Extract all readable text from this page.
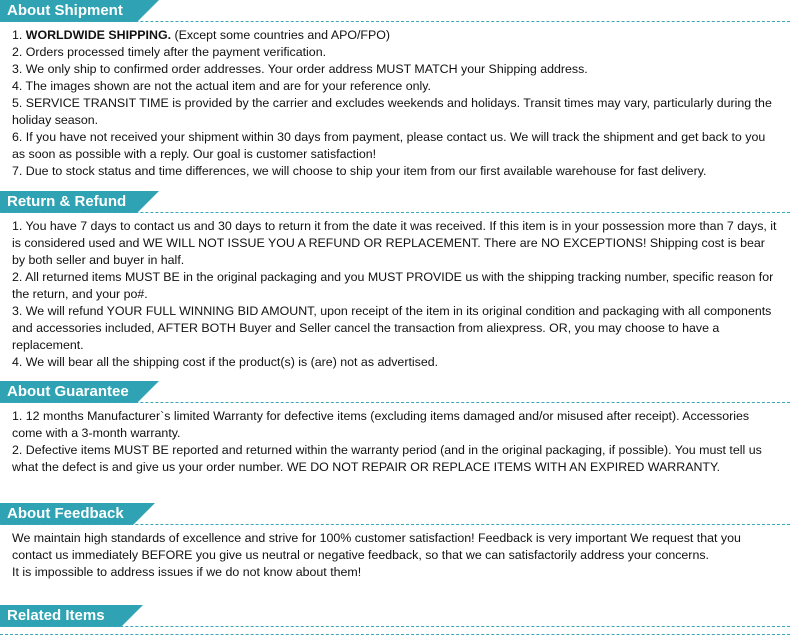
About Shipment

1. WORLDWIDE SHIPPING. (Except some countries and APO/FPO)

2. Orders processed timely after the payment verification.

3. We only ship to confirmed order addresses. Your order address MUST MATCH your Shipping address.

4. The images shown are not the actual item and are for your reference only.

5. SERVICE TRANSIT TIME is provided by the carrier and excludes weekends and holidays. Transit times may vary, particularly during the holiday season.

6. If you have not received your shipment within 30 days from payment, please contact us. We will track the shipment and get back to you as soon as possible with a reply. Our goal is customer satisfaction!

7. Due to stock status and time differences, we will choose to ship your item from our first available warehouse for fast delivery.

Return & Refund

1. You have 7 days to contact us and 30 days to return it from the date it was received. If this item is in your possession more than 7 days, it is considered used and WE WILL NOT ISSUE YOU A REFUND OR REPLACEMENT. There are NO EXCEPTIONS! Shipping cost is bear by both seller and buyer in half.

2. All returned items MUST BE in the original packaging and you MUST PROVIDE us with the shipping tracking number, specific reason for the return, and your po#.

3. We will refund YOUR FULL WINNING BID AMOUNT, upon receipt of the item in its original condition and packaging with all components and accessories included, AFTER BOTH Buyer and Seller cancel the transaction from aliexpress. OR, you may choose to have a replacement.

4. We will bear all the shipping cost if the product(s) is (are) not as advertised.

About Guarantee

1. 12 months Manufacturer`s limited Warranty for defective items (excluding items damaged and/or misused after receipt). Accessories come with a 3-month warranty.

2. Defective items MUST BE reported and returned within the warranty period (and in the original packaging, if possible). You must tell us what the defect is and give us your order number. WE DO NOT REPAIR OR REPLACE ITEMS WITH AN EXPIRED WARRANTY.

About Feedback

We maintain high standards of excellence and strive for 100% customer satisfaction! Feedback is very important We request that you contact us immediately BEFORE you give us neutral or negative feedback, so that we can satisfactorily address your concerns.

It is impossible to address issues if we do not know about them!

Related Items
